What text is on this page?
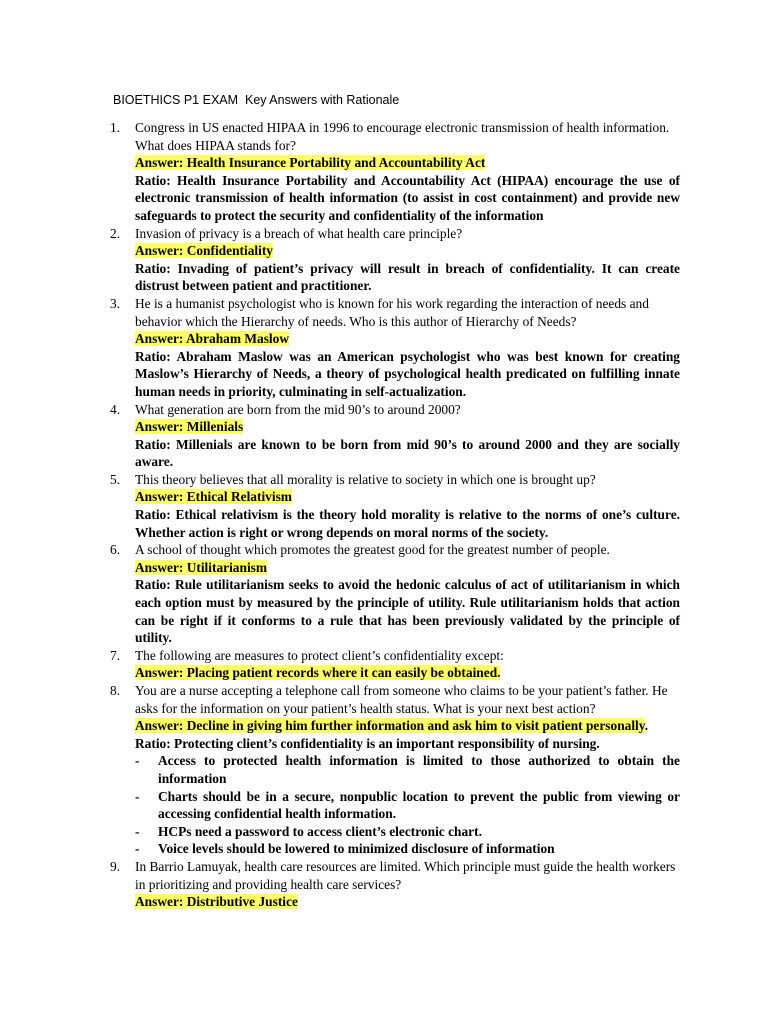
BIOETHICS P1 EXAM  Key Answers with Rationale
1.	Congress in US enacted HIPAA in 1996 to encourage electronic transmission of health information. What does HIPAA stands for?
Answer: Health Insurance Portability and Accountability Act
Ratio: Health Insurance Portability and Accountability Act (HIPAA) encourage the use of electronic transmission of health information (to assist in cost containment) and provide new safeguards to protect the security and confidentiality of the information
2.	Invasion of privacy is a breach of what health care principle?
Answer: Confidentiality
Ratio: Invading of patient’s privacy will result in breach of confidentiality. It can create distrust between patient and practitioner.
3.	He is a humanist psychologist who is known for his work regarding the interaction of needs and behavior which the Hierarchy of needs. Who is this author of Hierarchy of Needs?
Answer: Abraham Maslow
Ratio: Abraham Maslow was an American psychologist who was best known for creating Maslow’s Hierarchy of Needs, a theory of psychological health predicated on fulfilling innate human needs in priority, culminating in self-actualization.
4.	What generation are born from the mid 90’s to around 2000?
Answer: Millenials
Ratio: Millenials are known to be born from mid 90’s to around 2000 and they are socially aware.
5.	This theory believes that all morality is relative to society in which one is brought up?
Answer: Ethical Relativism
Ratio: Ethical relativism is the theory hold morality is relative to the norms of one’s culture. Whether action is right or wrong depends on moral norms of the society.
6.	A school of thought which promotes the greatest good for the greatest number of people.
Answer: Utilitarianism
Ratio: Rule utilitarianism seeks to avoid the hedonic calculus of act of utilitarianism in which each option must by measured by the principle of utility. Rule utilitarianism holds that action can be right if it conforms to a rule that has been previously validated by the principle of utility.
7.	The following are measures to protect client’s confidentiality except:
Answer: Placing patient records where it can easily be obtained.
8.	You are a nurse accepting a telephone call from someone who claims to be your patient’s father. He asks for the information on your patient’s health status. What is your next best action?
Answer: Decline in giving him further information and ask him to visit patient personally.
Ratio: Protecting client’s confidentiality is an important responsibility of nursing.
- Access to protected health information is limited to those authorized to obtain the information
- Charts should be in a secure, nonpublic location to prevent the public from viewing or accessing confidential health information.
- HCPs need a password to access client’s electronic chart.
- Voice levels should be lowered to minimized disclosure of information
9.	In Barrio Lamuyak, health care resources are limited. Which principle must guide the health workers in prioritizing and providing health care services?
Answer: Distributive Justice
